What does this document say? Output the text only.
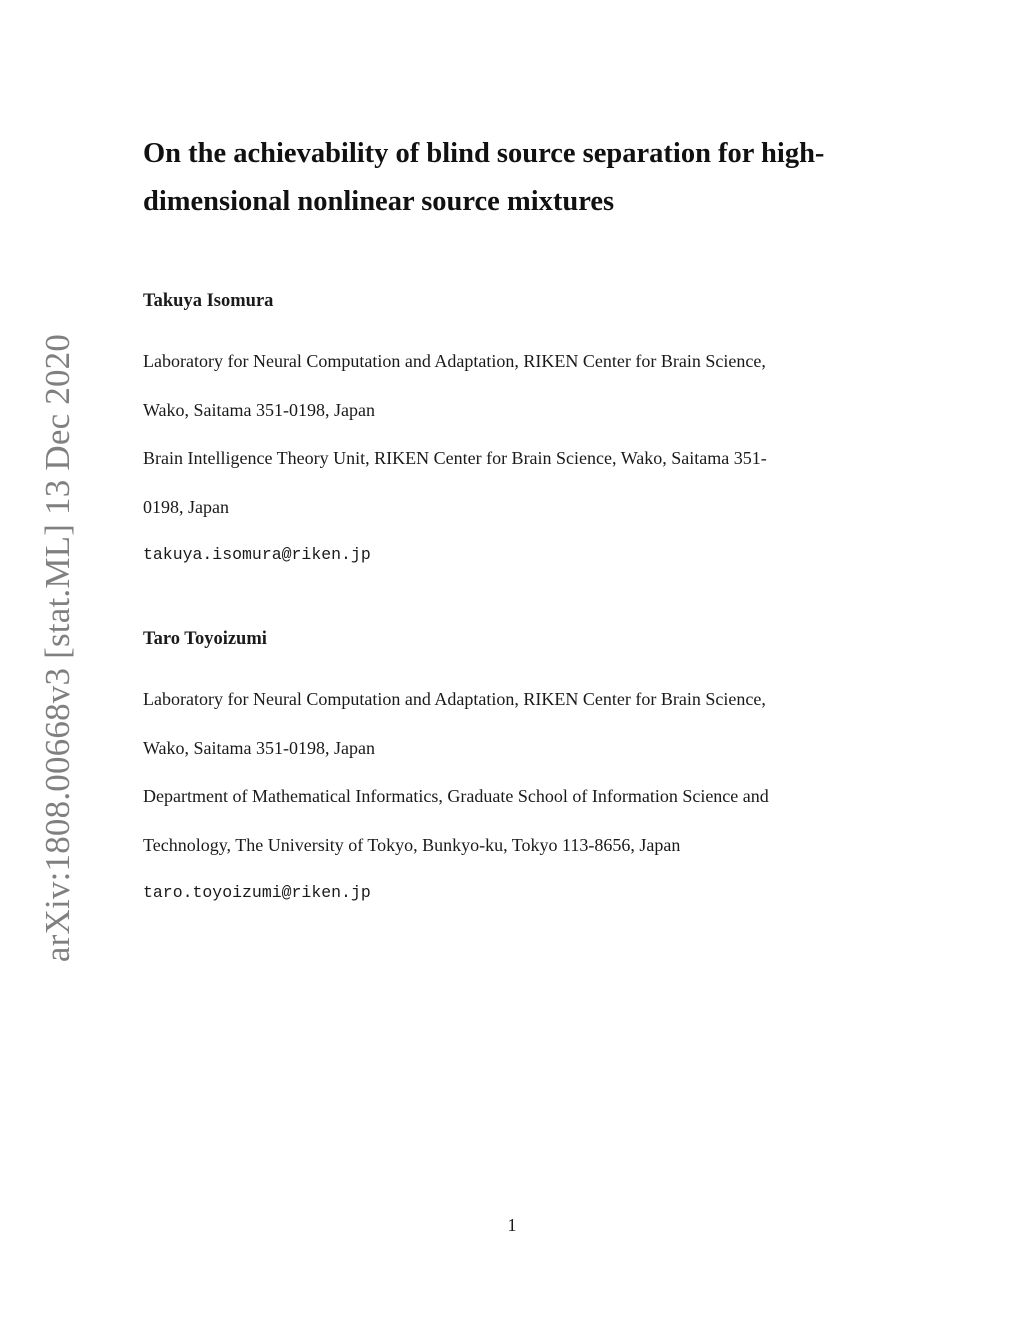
arXiv:1808.00668v3 [stat.ML] 13 Dec 2020
On the achievability of blind source separation for high-
dimensional nonlinear source mixtures
Takuya Isomura
Laboratory for Neural Computation and Adaptation, RIKEN Center for Brain Science,
Wako, Saitama 351-0198, Japan
Brain Intelligence Theory Unit, RIKEN Center for Brain Science, Wako, Saitama 351-
0198, Japan
takuya.isomura@riken.jp
Taro Toyoizumi
Laboratory for Neural Computation and Adaptation, RIKEN Center for Brain Science,
Wako, Saitama 351-0198, Japan
Department of Mathematical Informatics, Graduate School of Information Science and
Technology, The University of Tokyo, Bunkyo-ku, Tokyo 113-8656, Japan
taro.toyoizumi@riken.jp
1
